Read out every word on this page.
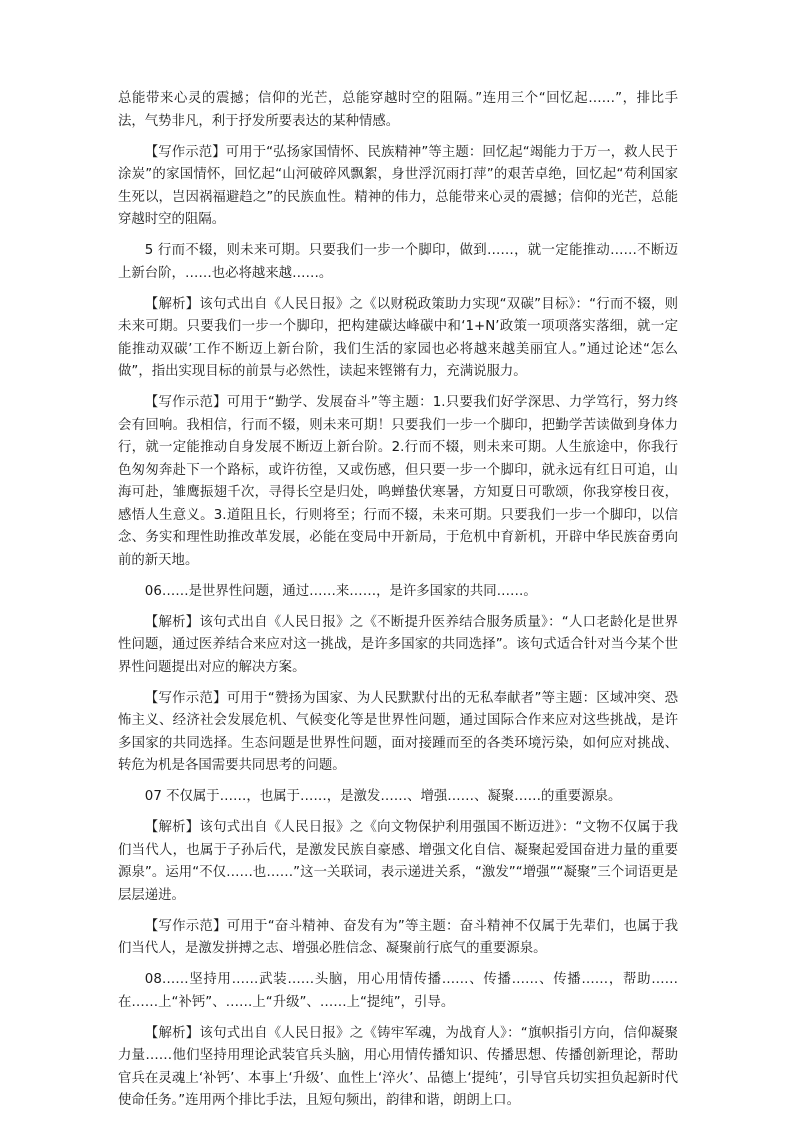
总能带来心灵的震撼；信仰的光芒，总能穿越时空的阻隔。”连用三个“回忆起……”，排比手法，气势非凡，利于抒发所要表达的某种情感。

【写作示范】可用于“弘扬家国情怀、民族精神”等主题：回忆起“竭能力于万一，救人民于涂炭”的家国情怀，回忆起“山河破碎风飘絮，身世浮沉雨打萍”的艰苦卓绝，回忆起“苟利国家生死以，岂因祸福避趋之”的民族血性。精神的伟力，总能带来心灵的震撼；信仰的光芒，总能穿越时空的阻隔。

5 行而不辍，则未来可期。只要我们一步一个脚印，做到……，就一定能推动……不断迈上新台阶，……也必将越来越……。

【解析】该句式出自《人民日报》之《以财税政策助力实现“双碳”目标》：“行而不辍，则未来可期。只要我们一步一个脚印，把构建碳达峰碳中和‘1+N’政策一项项落实落细，就一定能推动双碳’工作不断迈上新台阶，我们生活的家园也必将越来越美丽宜人。”通过论述“怎么做”，指出实现目标的前景与必然性，读起来铿锵有力，充满说服力。

【写作示范】可用于“勤学、发展奋斗”等主题：1.只要我们好学深思、力学笃行，努力终会有回响。我相信，行而不辍，则未来可期！只要我们一步一个脚印，把勤学苦读做到身体力行，就一定能推动自身发展不断迈上新台阶。2.行而不辍，则未来可期。人生旅途中，你我行色匆匆奔赴下一个路标，或许彷徨，又或伤感，但只要一步一个脚印，就永远有红日可追，山海可赴，雏鹰振翅千次，寻得长空是归处，鸣蝉蛰伏寒暑，方知夏日可歌颂，你我穿梭日夜，感悟人生意义。3.道阻且长，行则将至；行而不辍，未来可期。只要我们一步一个脚印，以信念、务实和理性助推改革发展，必能在变局中开新局，于危机中育新机，开辟中华民族奋勇向前的新天地。

06……是世界性问题，通过……来……，是许多国家的共同……。

【解析】该句式出自《人民日报》之《不断提升医养结合服务质量》：“人口老龄化是世界性问题，通过医养结合来应对这一挑战，是许多国家的共同选择”。该句式适合针对当今某个世界性问题提出对应的解决方案。

【写作示范】可用于“赞扬为国家、为人民默默付出的无私奉献者”等主题：区域冲突、恐怖主义、经济社会发展危机、气候变化等是世界性问题，通过国际合作来应对这些挑战，是许多国家的共同选择。生态问题是世界性问题，面对接踵而至的各类环境污染，如何应对挑战、转危为机是各国需要共同思考的问题。

07 不仅属于……，也属于……，是激发……、增强……、凝聚……的重要源泉。

【解析】该句式出自《人民日报》之《向文物保护利用强国不断迈进》：“文物不仅属于我们当代人，也属于子孙后代，是激发民族自豪感、增强文化自信、凝聚起爱国奋进力量的重要源泉”。运用“不仅……也……”这一关联词，表示递进关系，“激发”“增强”“凝聚”三个词语更是层层递进。

【写作示范】可用于“奋斗精神、奋发有为”等主题：奋斗精神不仅属于先辈们，也属于我们当代人，是激发拼搏之志、增强必胜信念、凝聚前行底气的重要源泉。

08……坚持用……武装……头脑，用心用情传播……、传播……、传播……，帮助……在……上“补钙”、……上“升级”、……上“提纯”，引导。

【解析】该句式出自《人民日报》之《铸牢军魂，为战育人》：“旗帜指引方向，信仰凝聚力量……他们坚持用理论武装官兵头脑，用心用情传播知识、传播思想、传播创新理论，帮助官兵在灵魂上‘补钙’、本事上‘升级’、血性上‘淬火’、品德上‘提纯’，引导官兵切实担负起新时代使命任务。”连用两个排比手法，且短句频出，韵律和谐，朗朗上口。
